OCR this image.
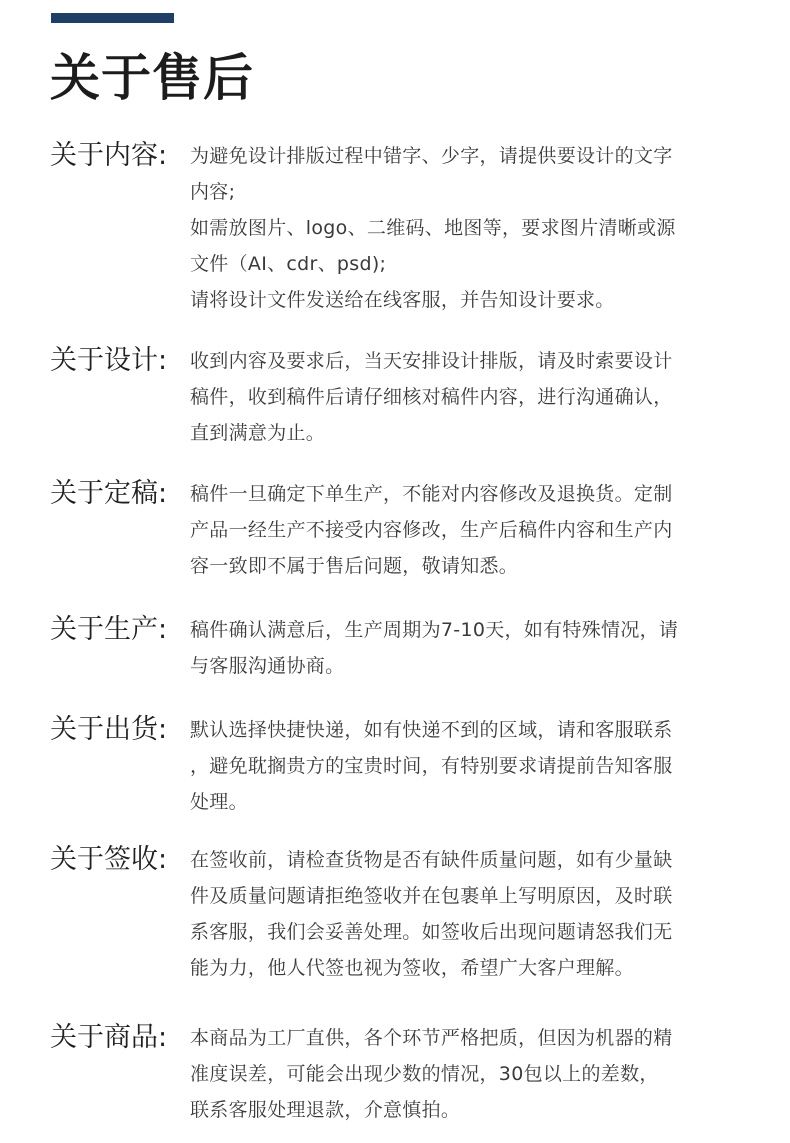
关于售后
关于内容: 为避免设计排版过程中错字、少字，请提供要设计的文字
内容;
如需放图片、logo、二维码、地图等，要求图片清晰或源
文件（AI、cdr、psd);
请将设计文件发送给在线客服，并告知设计要求。
关于设计: 收到内容及要求后，当天安排设计排版，请及时索要设计
稿件，收到稿件后请仔细核对稿件内容，进行沟通确认，
直到满意为止。
关于定稿: 稿件一旦确定下单生产，不能对内容修改及退换货。定制
产品一经生产不接受内容修改，生产后稿件内容和生产内
容一致即不属于售后问题，敬请知悉。
关于生产: 稿件确认满意后，生产周期为7-10天，如有特殊情况，请
与客服沟通协商。
关于出货: 默认选择快捷快递，如有快递不到的区域，请和客服联系
，避免耽搁贵方的宝贵时间，有特别要求请提前告知客服
处理。
关于签收: 在签收前，请检查货物是否有缺件质量问题，如有少量缺
件及质量问题请拒绝签收并在包裹单上写明原因，及时联
系客服，我们会妥善处理。如签收后出现问题请怒我们无
能为力，他人代签也视为签收，希望广大客户理解。
关于商品: 本商品为工厂直供，各个环节严格把质，但因为机器的精
准度误差，可能会出现少数的情况，30包以上的差数，
联系客服处理退款，介意慎拍。
